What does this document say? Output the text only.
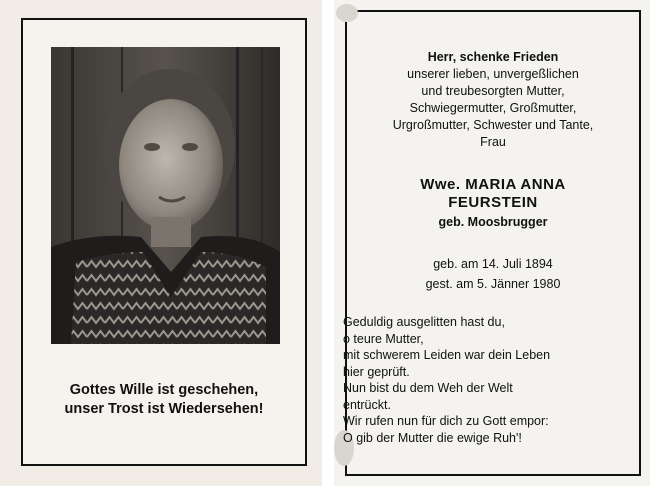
Gottes Wille ist geschehen,
unser Trost ist Wiedersehen!
Herr, schenke Frieden
unserer lieben, unvergeßlichen
und treubesorgten Mutter,
Schwiegermutter, Großmutter,
Urgroßmutter, Schwester und Tante,
Frau
Wwe. MARIA ANNA
FEURSTEIN
geb. Moosbrugger
geb. am 14. Juli 1894
gest. am 5. Jänner 1980
Geduldig ausgelitten hast du,
o teure Mutter,
mit schwerem Leiden war dein Leben
hier geprüft.
Nun bist du dem Weh der Welt
entrückt.
Wir rufen nun für dich zu Gott empor:
O gib der Mutter die ewige Ruh'!
